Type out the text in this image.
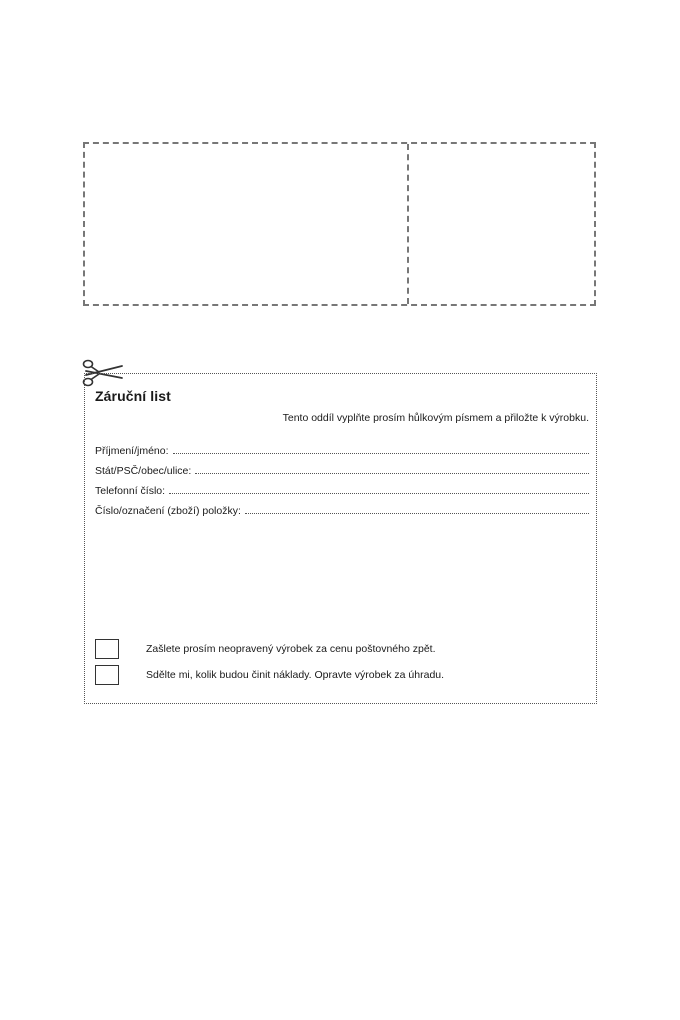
Záruční list
Tento oddíl vyplňte prosím hůlkovým písmem a přiložte k výrobku.
Příjmení/jméno:
Stát/PSČ/obec/ulice:
Telefonní číslo:
Číslo/označení (zboží) položky:
Zašlete prosím neopravený výrobek za cenu poštovného zpět.
Sdělte mi, kolik budou činit náklady. Opravte výrobek za úhradu.
